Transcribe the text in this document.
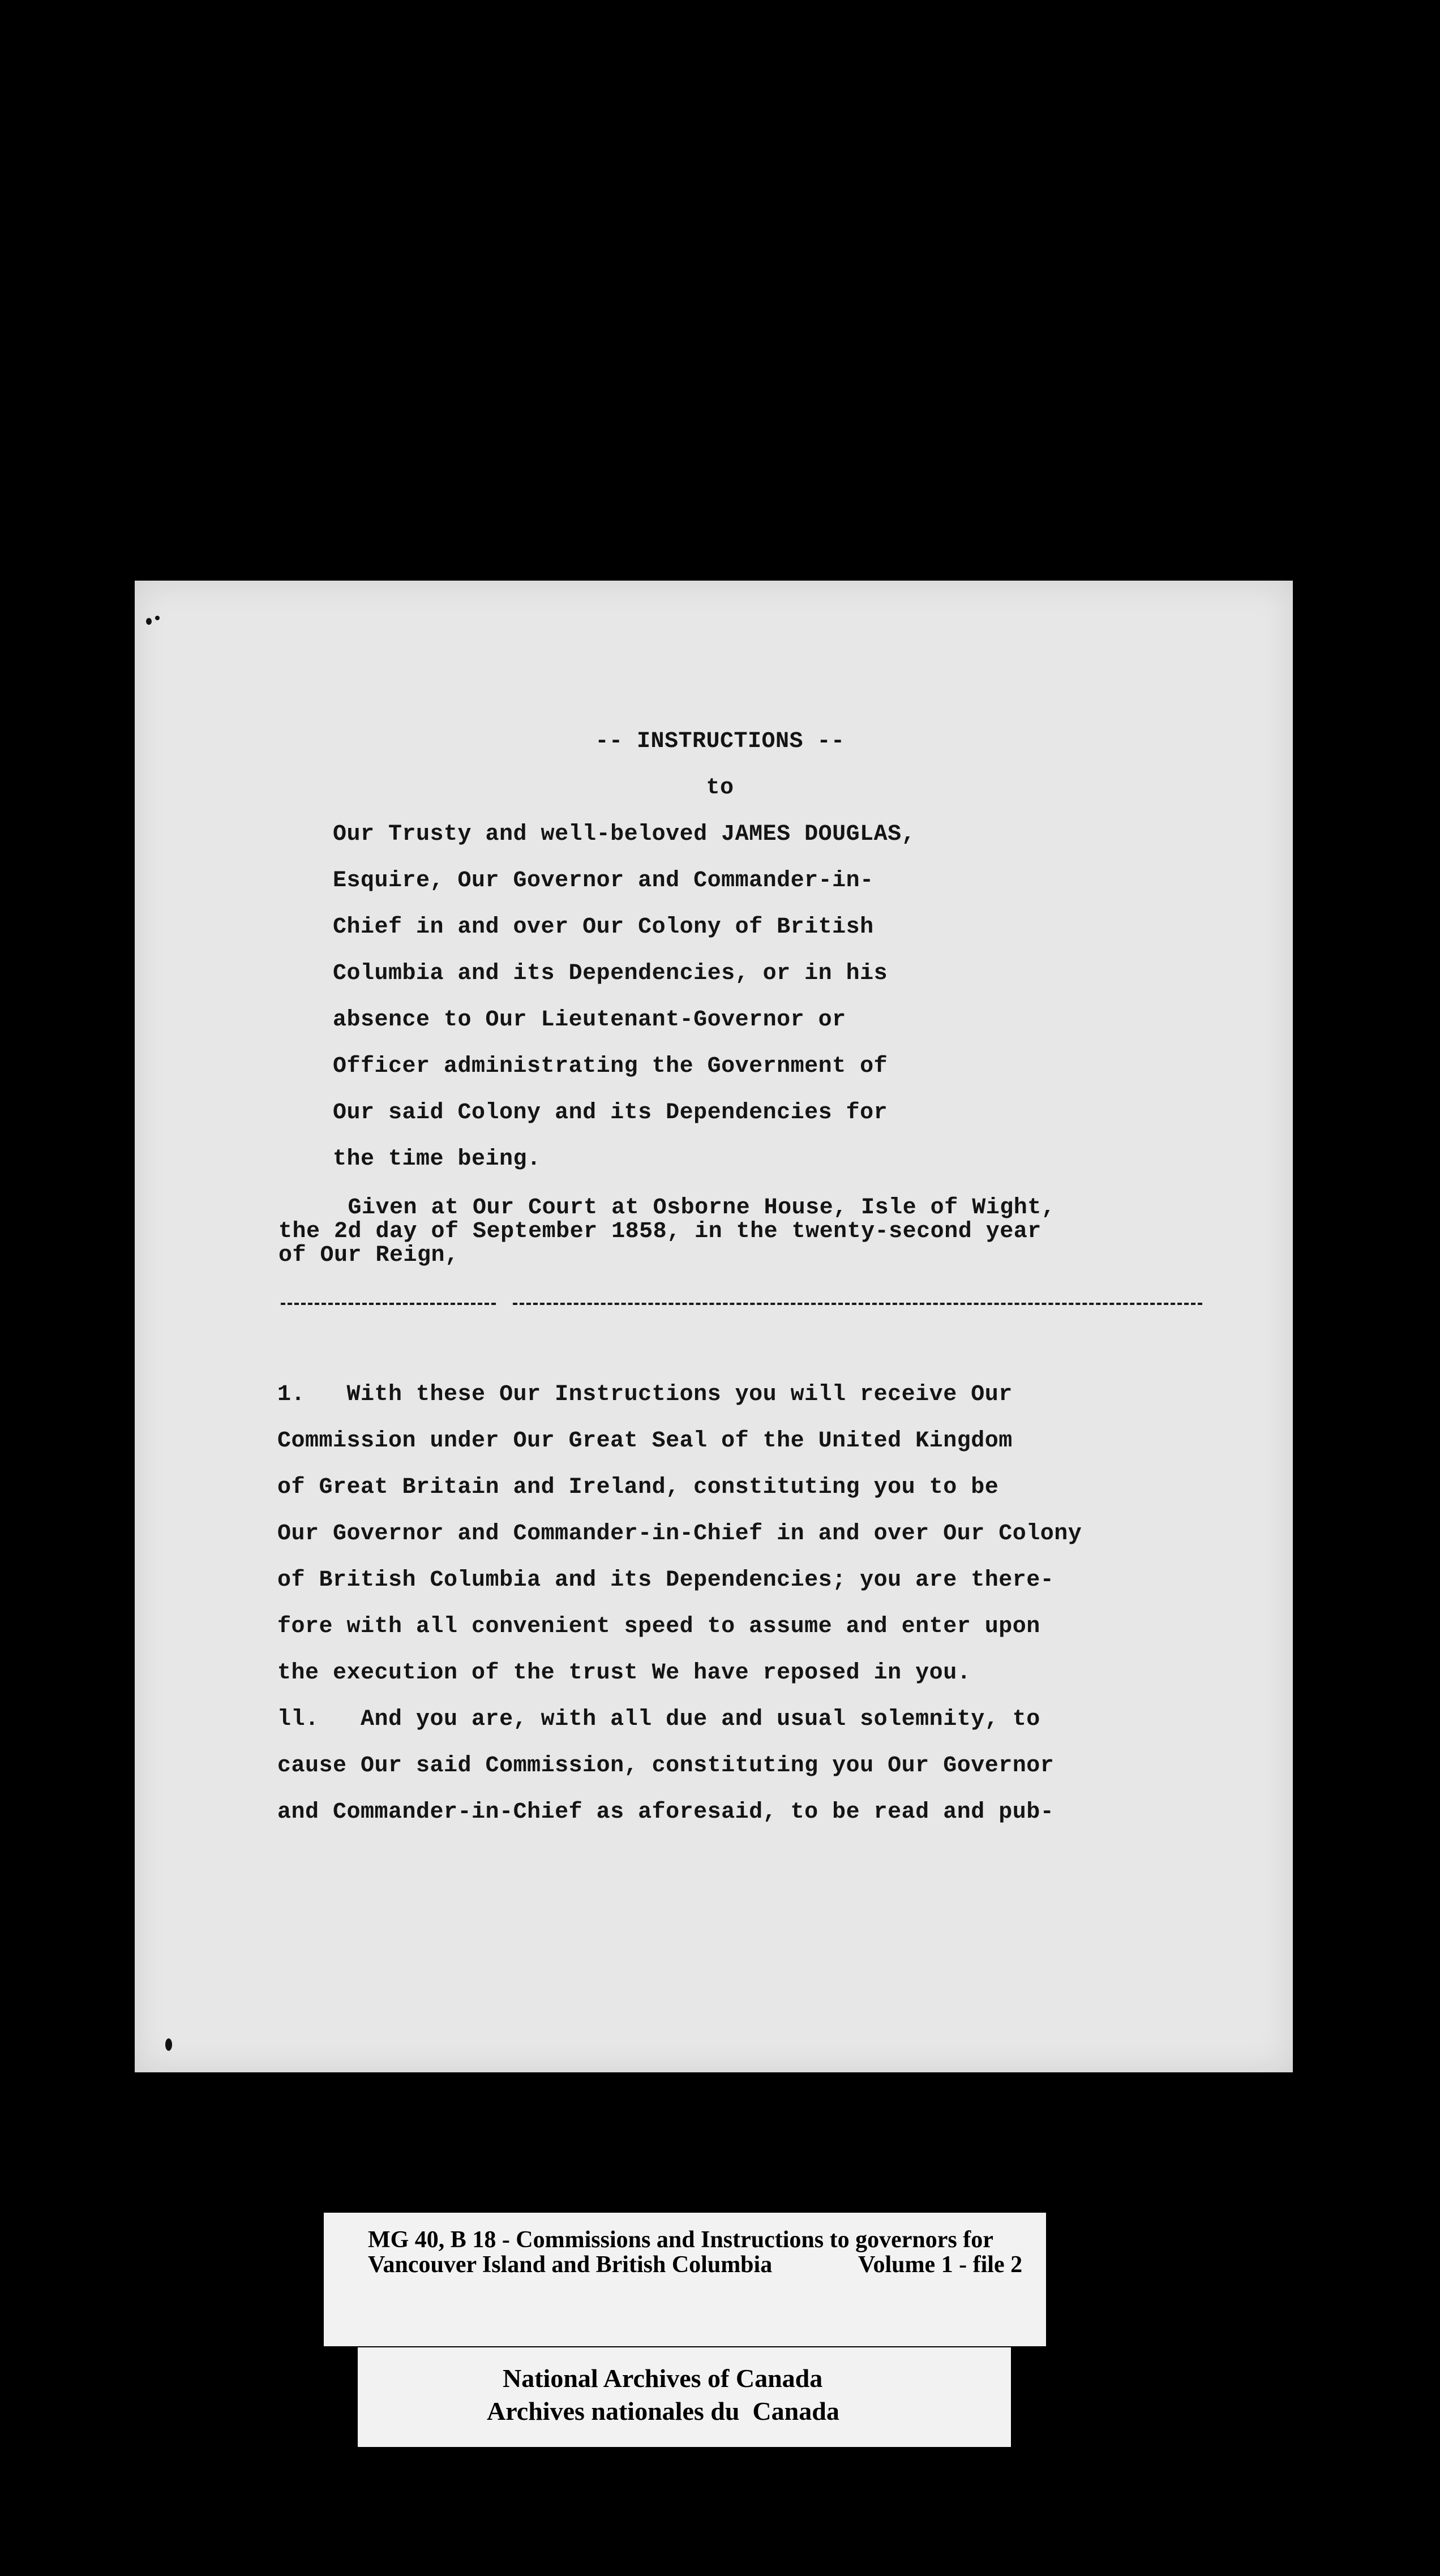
-- INSTRUCTIONS --
to
Our Trusty and well-beloved JAMES DOUGLAS,
Esquire, Our Governor and Commander-in-
Chief in and over Our Colony of British
Columbia and its Dependencies, or in his
absence to Our Lieutenant-Governor or
Officer administrating the Government of
Our said Colony and its Dependencies for
the time being.
Given at Our Court at Osborne House, Isle of Wight,
the 2d day of September 1858, in the twenty-second year
of Our Reign,
1.   With these Our Instructions you will receive Our
Commission under Our Great Seal of the United Kingdom
of Great Britain and Ireland, constituting you to be
Our Governor and Commander-in-Chief in and over Our Colony
of British Columbia and its Dependencies; you are there-
fore with all convenient speed to assume and enter upon
the execution of the trust We have reposed in you.
ll.   And you are, with all due and usual solemnity, to
cause Our said Commission, constituting you Our Governor
and Commander-in-Chief as aforesaid, to be read and pub-
MG 40, B 18 - Commissions and Instructions to governors for
Vancouver Island and British Columbia	Volume 1 - file 2
National Archives of Canada
Archives nationales du  Canada
